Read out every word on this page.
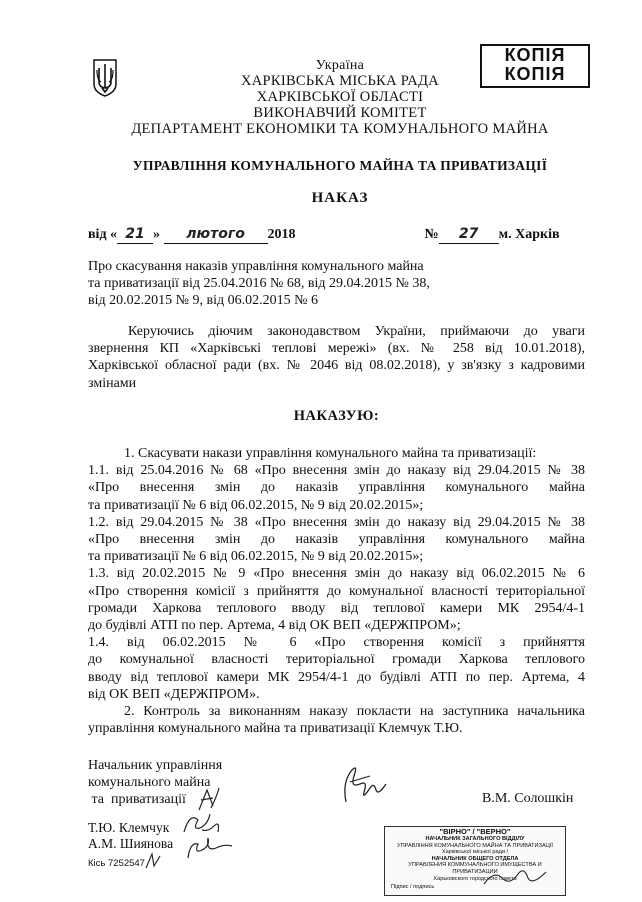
КОПІЯ
КОПІЯ
Україна
ХАРКІВСЬКА МІСЬКА РАДА
ХАРКІВСЬКОЇ ОБЛАСТІ
ВИКОНАВЧИЙ КОМІТЕТ
ДЕПАРТАМЕНТ ЕКОНОМІКИ ТА КОМУНАЛЬНОГО МАЙНА
УПРАВЛІННЯ КОМУНАЛЬНОГО МАЙНА ТА ПРИВАТИЗАЦІЇ
НАКАЗ
від « 21 » лютого 2018	№ 27 м. Харків
Про скасування наказів управління комунального майна
та приватизації від 25.04.2016 № 68, від 29.04.2015 № 38,
від 20.02.2015 № 9, від 06.02.2015 № 6
Керуючись діючим законодавством України, приймаючи до уваги
звернення КП «Харківські теплові мережі» (вх. № 258 від 10.01.2018),
Харківської обласної ради (вх. № 2046 від 08.02.2018), у зв'язку з кадровими
змінами
НАКАЗУЮ:
1. Скасувати накази управління комунального майна та приватизації:
1.1. від 25.04.2016 № 68 «Про внесення змін до наказу від 29.04.2015 № 38
«Про внесення змін до наказів управління комунального майна
та приватизації № 6 від 06.02.2015, № 9 від 20.02.2015»;
1.2. від 29.04.2015 № 38 «Про внесення змін до наказу від 29.04.2015 № 38
«Про внесення змін до наказів управління комунального майна
та приватизації № 6 від 06.02.2015, № 9 від 20.02.2015»;
1.3. від 20.02.2015 № 9 «Про внесення змін до наказу від 06.02.2015 № 6
«Про створення комісії з прийняття до комунальної власності територіальної
громади Харкова теплового вводу від теплової камери МК 2954/4-1
до будівлі АТП по пер. Артема, 4 від ОК ВЕП «ДЕРЖПРОМ»;
1.4. від 06.02.2015 № 6 «Про створення комісії з прийняття
до комунальної власності територіальної громади Харкова теплового
вводу від теплової камери МК 2954/4-1 до будівлі АТП по пер. Артема, 4
від ОК ВЕП «ДЕРЖПРОМ».
2. Контроль за виконанням наказу покласти на заступника начальника
управління комунального майна та приватизації Клемчук Т.Ю.
Начальник управління
комунального майна
та  приватизації	В.М. Солошкін
Т.Ю. Клемчук
А.М. Шиянова
Кісь 7252547
"ВІРНО" / "ВЕРНО"
НАЧАЛЬНИК ЗАГАЛЬНОГО ВІДДІЛУ
УПРАВЛІННЯ КОМУНАЛЬНОГО МАЙНА ТА ПРИВАТИЗАЦІЇ
Харківської міської ради /
НАЧАЛЬНИК ОБЩЕГО ОТДЕЛА
УПРАВЛЕНИЯ КОММУНАЛЬНОГО ИМУЩЕСТВА И ПРИВАТИЗАЦИИ
Харьковского городского совета
Підпис / подпись
